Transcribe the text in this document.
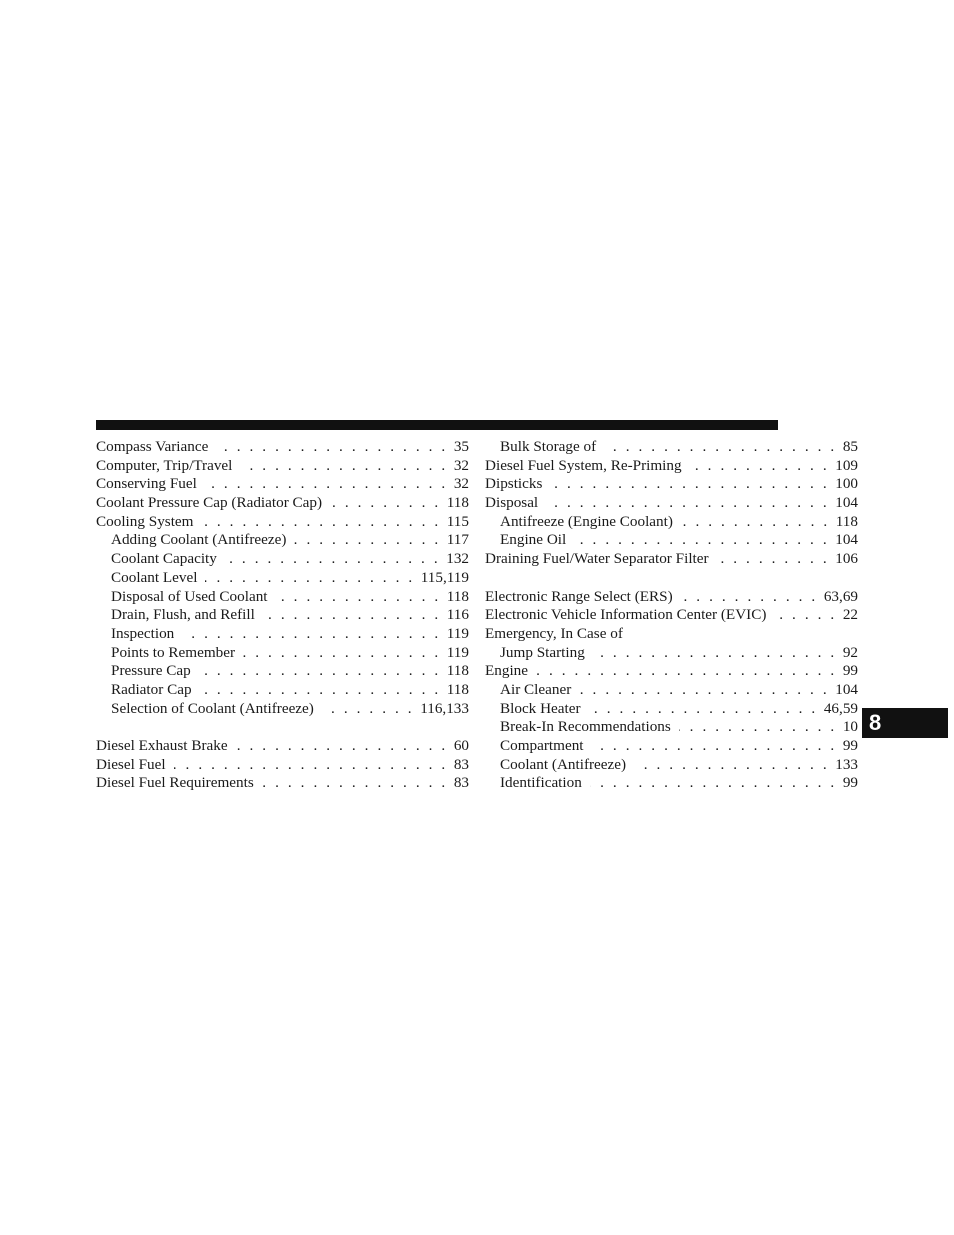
Compass Variance . . .	35
Computer, Trip/Travel . . .	32
Conserving Fuel . . .	32
Coolant Pressure Cap (Radiator Cap) . . .	118
Cooling System . . .	115
Adding Coolant (Antifreeze) . . .	117
Coolant Capacity . . .	132
Coolant Level . . .	115,119
Disposal of Used Coolant . . .	118
Drain, Flush, and Refill . . .	116
Inspection . . .	119
Points to Remember . . .	119
Pressure Cap . . .	118
Radiator Cap . . .	118
Selection of Coolant (Antifreeze) . . .	116,133
Diesel Exhaust Brake . . .	60
Diesel Fuel . . .	83
Diesel Fuel Requirements . . .	83
Bulk Storage of . . .	85
Diesel Fuel System, Re-Priming . . .	109
Dipsticks . . .	100
Disposal . . .	104
Antifreeze (Engine Coolant) . . .	118
Engine Oil . . .	104
Draining Fuel/Water Separator Filter . . .	106
Electronic Range Select (ERS) . . .	63,69
Electronic Vehicle Information Center (EVIC) . . .	22
Emergency, In Case of
Jump Starting . . .	92
Engine . . .	99
Air Cleaner . . .	104
Block Heater . . .	46,59
Break-In Recommendations . . .	10
Compartment . . .	99
Coolant (Antifreeze) . . .	133
Identification . . .	99
8
